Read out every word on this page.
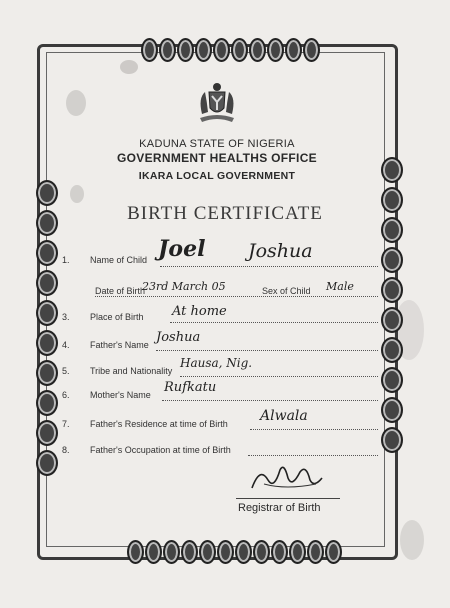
KADUNA STATE OF NIGERIA
GOVERNMENT HEALTHS OFFICE
IKARA LOCAL GOVERNMENT
BIRTH CERTIFICATE
1. Name of Child Joel Joshua
Date of Birth
23rd March 05	Sex of Child Male
3. Place of Birth At home
4. Father's Name Joshua
5. Tribe and Nationality
Hausa, Nig.
6. Mother's Name Rufkatu
7. Father's Residence at time of Birth Alwala
8. Father's Occupation at time of Birth
Registrar of Birth
